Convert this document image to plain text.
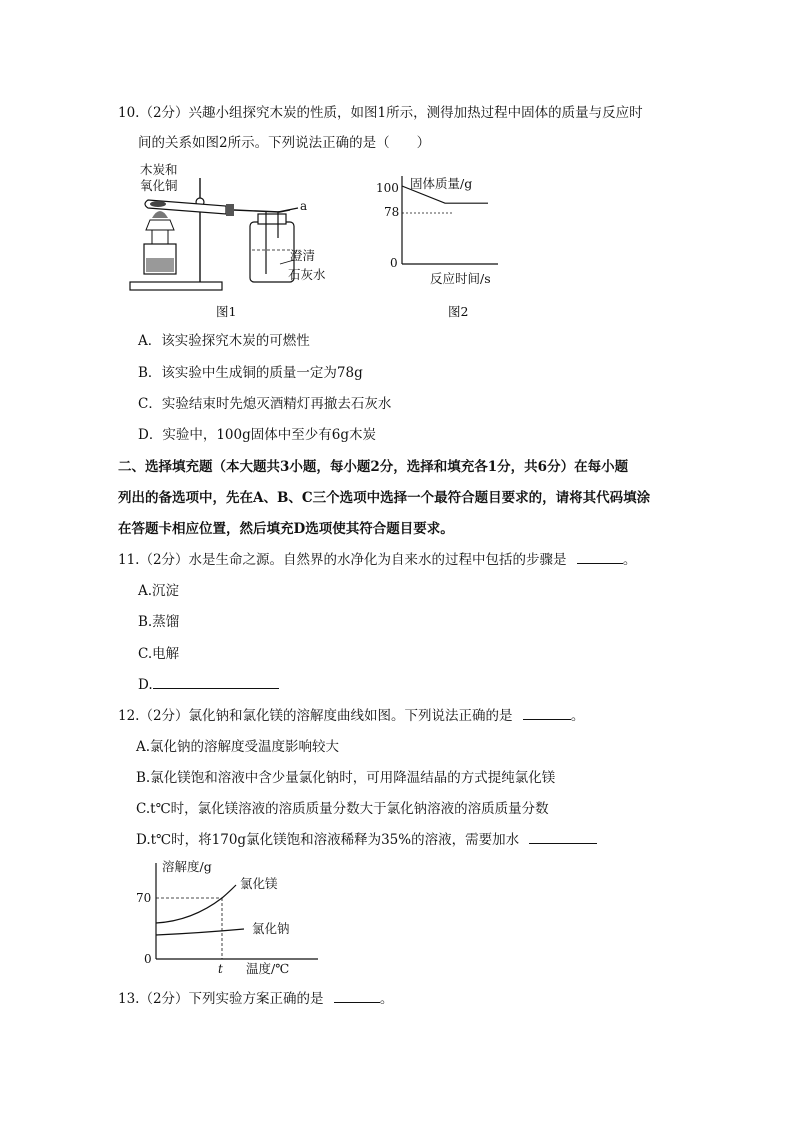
10.（2分）兴趣小组探究木炭的性质，如图1所示，测得加热过程中固体的质量与反应时
间的关系如图2所示。下列说法正确的是（　　）
木炭和
氧化铜
a
澄清
石灰水
图1
固体质量/g
反应时间/s
100
78
0
图2
A．该实验探究木炭的可燃性
B．该实验中生成铜的质量一定为78g
C．实验结束时先熄灭酒精灯再撤去石灰水
D．实验中，100g固体中至少有6g木炭
二、选择填充题（本大题共3小题，每小题2分，选择和填充各1分，共6分）在每小题
列出的备选项中，先在A、B、C三个选项中选择一个最符合题目要求的，请将其代码填涂
在答题卡相应位置，然后填充D选项使其符合题目要求。
11.（2分）水是生命之源。自然界的水净化为自来水的过程中包括的步骤是	。
A.沉淀
B.蒸馏
C.电解
D.
12.（2分）氯化钠和氯化镁的溶解度曲线如图。下列说法正确的是	。
A.氯化钠的溶解度受温度影响较大
B.氯化镁饱和溶液中含少量氯化钠时，可用降温结晶的方式提纯氯化镁
C.t℃时，氯化镁溶液的溶质质量分数大于氯化钠溶液的溶质质量分数
D.t℃时，将170g氯化镁饱和溶液稀释为35%的溶液，需要加水
溶解度/g
温度/℃
70
0
t
氯化镁
氯化钠
13.（2分）下列实验方案正确的是	。
